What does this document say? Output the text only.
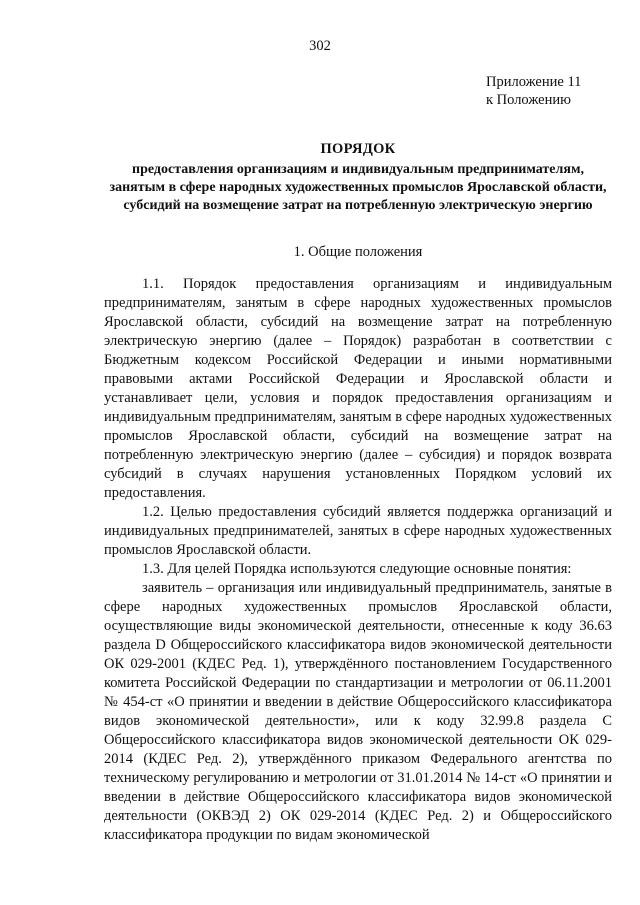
302
Приложение 11
к Положению
ПОРЯДОК
предоставления организациям и индивидуальным предпринимателям, занятым в сфере народных художественных промыслов Ярославской области, субсидий на возмещение затрат на потребленную электрическую энергию
1. Общие положения

1.1. Порядок предоставления организациям и индивидуальным предпринимателям, занятым в сфере народных художественных промыслов Ярославской области, субсидий на возмещение затрат на потребленную электрическую энергию (далее – Порядок) разработан в соответствии с Бюджетным кодексом Российской Федерации и иными нормативными правовыми актами Российской Федерации и Ярославской области и устанавливает цели, условия и порядок предоставления организациям и индивидуальным предпринимателям, занятым в сфере народных художественных промыслов Ярославской области, субсидий на возмещение затрат на потребленную электрическую энергию (далее – субсидия) и порядок возврата субсидий в случаях нарушения установленных Порядком условий их предоставления.

1.2. Целью предоставления субсидий является поддержка организаций и индивидуальных предпринимателей, занятых в сфере народных художественных промыслов Ярославской области.

1.3. Для целей Порядка используются следующие основные понятия:

заявитель – организация или индивидуальный предприниматель, занятые в сфере народных художественных промыслов Ярославской области, осуществляющие виды экономической деятельности, отнесенные к коду 36.63 раздела D Общероссийского классификатора видов экономической деятельности ОК 029-2001 (КДЕС Ред. 1), утверждённого постановлением Государственного комитета Российской Федерации по стандартизации и метрологии от 06.11.2001 № 454-ст «О принятии и введении в действие Общероссийского классификатора видов экономической деятельности», или к коду 32.99.8 раздела C Общероссийского классификатора видов экономической деятельности ОК 029-2014 (КДЕС Ред. 2), утверждённого приказом Федерального агентства по техническому регулированию и метрологии от 31.01.2014 № 14-ст «О принятии и введении в действие Общероссийского классификатора видов экономической деятельности (ОКВЭД 2) ОК 029-2014 (КДЕС Ред. 2) и Общероссийского классификатора продукции по видам экономической
